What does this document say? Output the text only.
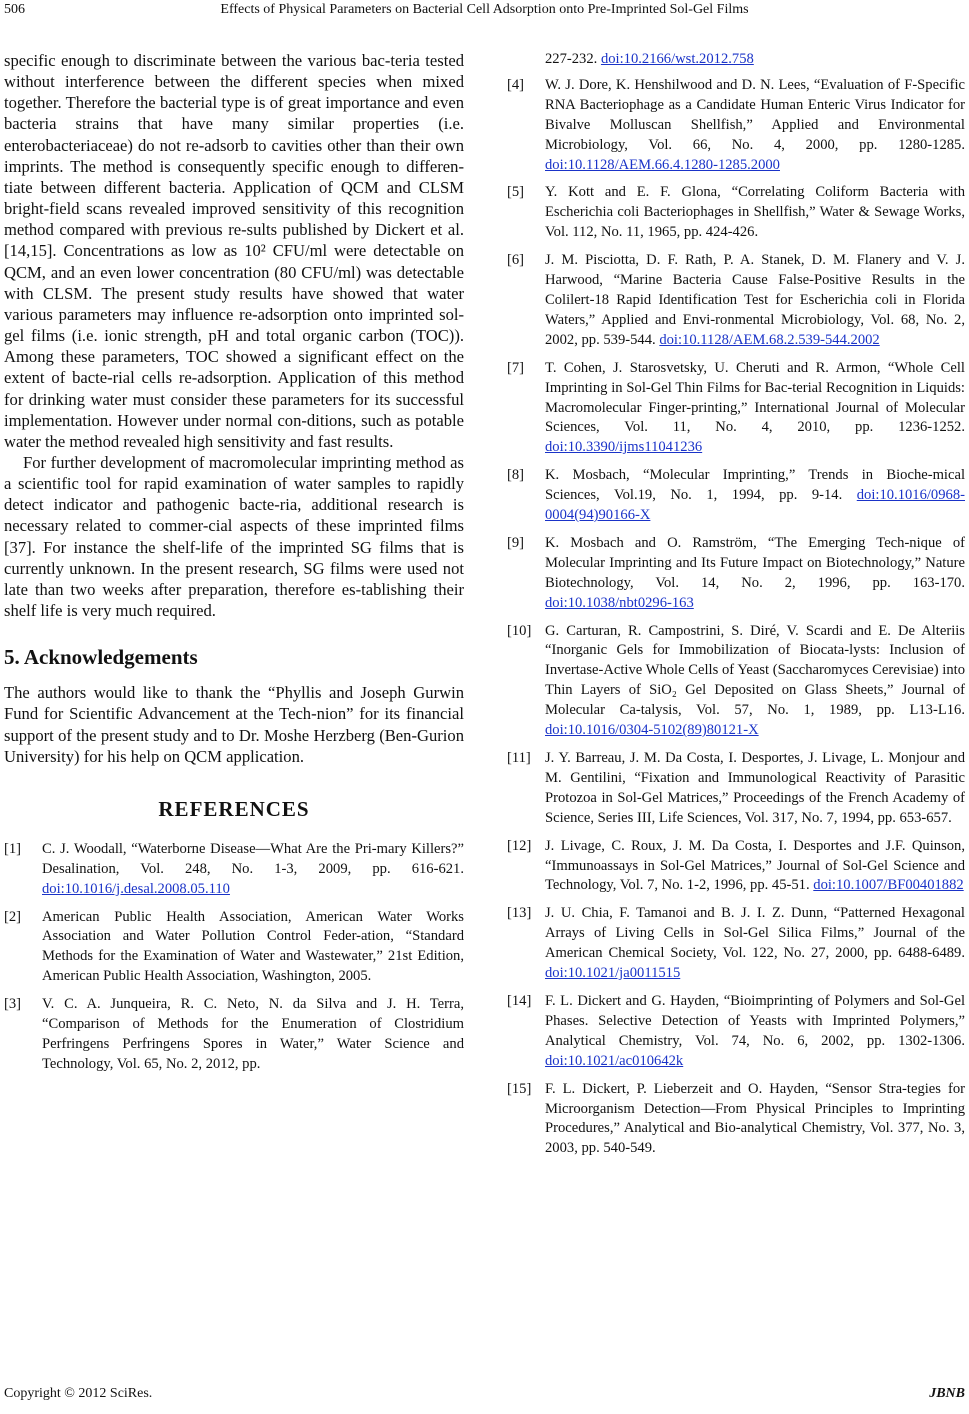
506	Effects of Physical Parameters on Bacterial Cell Adsorption onto Pre-Imprinted Sol-Gel Films

specific enough to discriminate between the various bac-teria tested without interference between the different species when mixed together. Therefore the bacterial type is of great importance and even bacteria strains that have many similar properties (i.e. enterobacteriaceae) do not re-adsorb to cavities other than their own imprints. The method is consequently specific enough to differen-tiate between different bacteria. Application of QCM and CLSM bright-field scans revealed improved sensitivity of this recognition method compared with previous re-sults published by Dickert et al. [14,15]. Concentrations as low as 10² CFU/ml were detectable on QCM, and an even lower concentration (80 CFU/ml) was detectable with CLSM. The present study results have showed that water various parameters may influence re-adsorption onto imprinted sol-gel films (i.e. ionic strength, pH and total organic carbon (TOC)). Among these parameters, TOC showed a significant effect on the extent of bacte-rial cells re-adsorption. Application of this method for drinking water must consider these parameters for its successful implementation. However under normal con-ditions, such as potable water the method revealed high sensitivity and fast results.

For further development of macromolecular imprinting method as a scientific tool for rapid examination of water samples to rapidly detect indicator and pathogenic bacte-ria, additional research is necessary related to commer-cial aspects of these imprinted films [37]. For instance the shelf-life of the imprinted SG films that is currently unknown. In the present research, SG films were used not late than two weeks after preparation, therefore es-tablishing their shelf life is very much required.

5. Acknowledgements

The authors would like to thank the “Phyllis and Joseph Gurwin Fund for Scientific Advancement at the Tech-nion” for its financial support of the present study and to Dr. Moshe Herzberg (Ben-Gurion University) for his help on QCM application.

REFERENCES
[1]	C. J. Woodall, “Waterborne Disease—What Are the Pri-mary Killers?” Desalination, Vol. 248, No. 1-3, 2009, pp. 616-621. doi:10.1016/j.desal.2008.05.110
[2]	American Public Health Association, American Water Works Association and Water Pollution Control Feder-ation, “Standard Methods for the Examination of Water and Wastewater,” 21st Edition, American Public Health Association, Washington, 2005.
[3]	V. C. A. Junqueira, R. C. Neto, N. da Silva and J. H. Terra, “Comparison of Methods for the Enumeration of Clostridium Perfringens Perfringens Spores in Water,” Water Science and Technology, Vol. 65, No. 2, 2012, pp.
227-232. doi:10.2166/wst.2012.758
[4]	W. J. Dore, K. Henshilwood and D. N. Lees, “Evaluation of F-Specific RNA Bacteriophage as a Candidate Human Enteric Virus Indicator for Bivalve Molluscan Shellfish,” Applied and Environmental Microbiology, Vol. 66, No. 4, 2000, pp. 1280-1285. doi:10.1128/AEM.66.4.1280-1285.2000
[5]	Y. Kott and E. F. Glona, “Correlating Coliform Bacteria with Escherichia coli Bacteriophages in Shellfish,” Water & Sewage Works, Vol. 112, No. 11, 1965, pp. 424-426.
[6]	J. M. Pisciotta, D. F. Rath, P. A. Stanek, D. M. Flanery and V. J. Harwood, “Marine Bacteria Cause False-Positive Results in the Colilert-18 Rapid Identification Test for Escherichia coli in Florida Waters,” Applied and Envi-ronmental Microbiology, Vol. 68, No. 2, 2002, pp. 539-544. doi:10.1128/AEM.68.2.539-544.2002
[7]	T. Cohen, J. Starosvetsky, U. Cheruti and R. Armon, “Whole Cell Imprinting in Sol-Gel Thin Films for Bac-terial Recognition in Liquids: Macromolecular Finger-printing,” International Journal of Molecular Sciences, Vol. 11, No. 4, 2010, pp. 1236-1252. doi:10.3390/ijms11041236
[8]	K. Mosbach, “Molecular Imprinting,” Trends in Bioche-mical Sciences, Vol.19, No. 1, 1994, pp. 9-14. doi:10.1016/0968-0004(94)90166-X
[9]	K. Mosbach and O. Ramström, “The Emerging Tech-nique of Molecular Imprinting and Its Future Impact on Biotechnology,” Nature Biotechnology, Vol. 14, No. 2, 1996, pp. 163-170. doi:10.1038/nbt0296-163
[10] G. Carturan, R. Campostrini, S. Diré, V. Scardi and E. De Alteriis “Inorganic Gels for Immobilization of Biocata-lysts: Inclusion of Invertase-Active Whole Cells of Yeast (Saccharomyces Cerevisiae) into Thin Layers of SiO₂ Gel Deposited on Glass Sheets,” Journal of Molecular Ca-talysis, Vol. 57, No. 1, 1989, pp. L13-L16. doi:10.1016/0304-5102(89)80121-X
[11] J. Y. Barreau, J. M. Da Costa, I. Desportes, J. Livage, L. Monjour and M. Gentilini, “Fixation and Immunological Reactivity of Parasitic Protozoa in Sol-Gel Matrices,” Proceedings of the French Academy of Science, Series III, Life Sciences, Vol. 317, No. 7, 1994, pp. 653-657.
[12] J. Livage, C. Roux, J. M. Da Costa, I. Desportes and J.F. Quinson, “Immunoassays in Sol-Gel Matrices,” Journal of Sol-Gel Science and Technology, Vol. 7, No. 1-2, 1996, pp. 45-51. doi:10.1007/BF00401882
[13] J. U. Chia, F. Tamanoi and B. J. I. Z. Dunn, “Patterned Hexagonal Arrays of Living Cells in Sol-Gel Silica Films,” Journal of the American Chemical Society, Vol. 122, No. 27, 2000, pp. 6488-6489. doi:10.1021/ja0011515
[14] F. L. Dickert and G. Hayden, “Bioimprinting of Polymers and Sol-Gel Phases. Selective Detection of Yeasts with Imprinted Polymers,” Analytical Chemistry, Vol. 74, No. 6, 2002, pp. 1302-1306. doi:10.1021/ac010642k
[15] F. L. Dickert, P. Lieberzeit and O. Hayden, “Sensor Stra-tegies for Microorganism Detection—From Physical Principles to Imprinting Procedures,” Analytical and Bio-analytical Chemistry, Vol. 377, No. 3, 2003, pp. 540-549.
Copyright © 2012 SciRes.	JBNB
